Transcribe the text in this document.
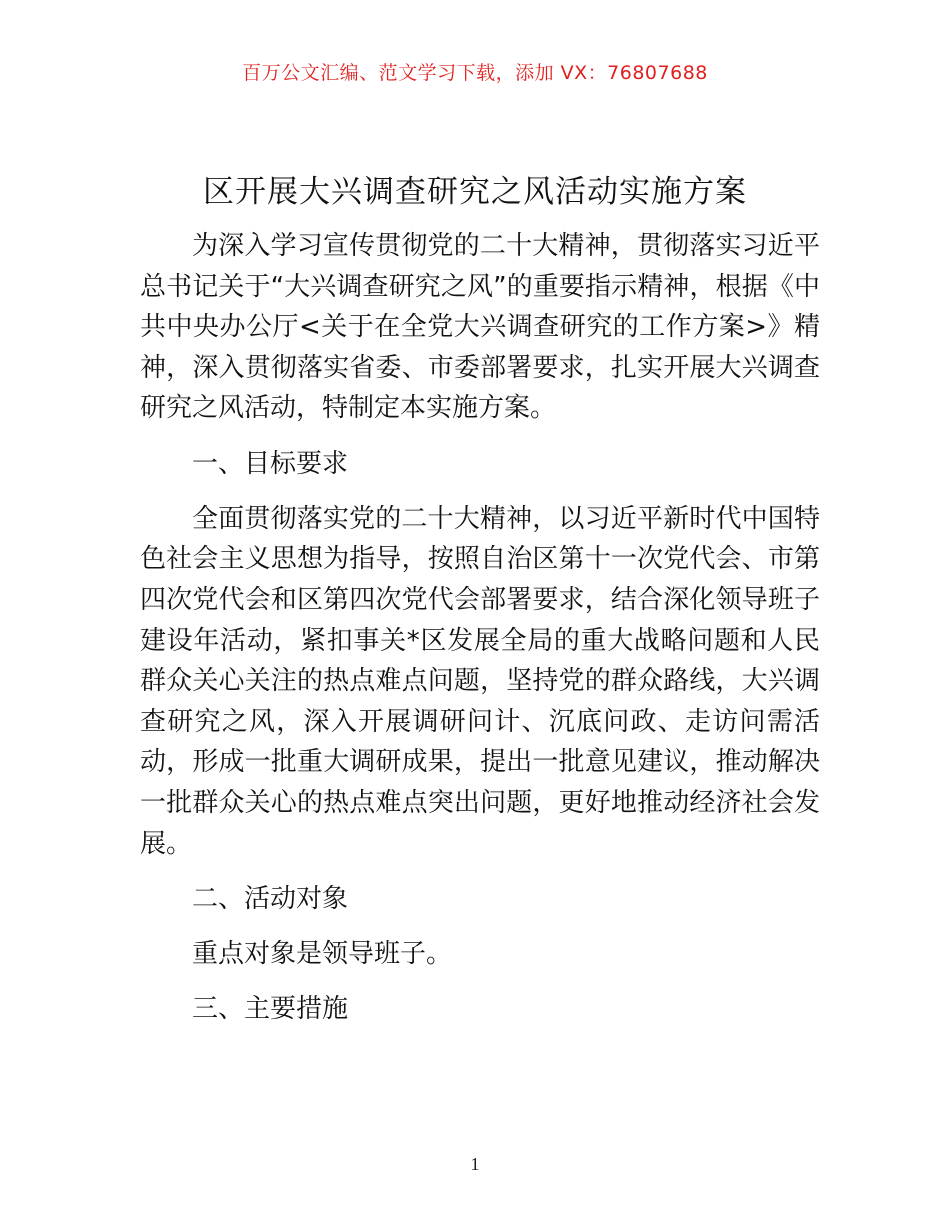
百万公文汇编、范文学习下载，添加 VX：76807688
区开展大兴调查研究之风活动实施方案

为深入学习宣传贯彻党的二十大精神，贯彻落实习近平总书记关于“大兴调查研究之风”的重要指示精神，根据《中共中央办公厅<关于在全党大兴调查研究的工作方案>》精神，深入贯彻落实省委、市委部署要求，扎实开展大兴调查研究之风活动，特制定本实施方案。

一、目标要求

全面贯彻落实党的二十大精神，以习近平新时代中国特色社会主义思想为指导，按照自治区第十一次党代会、市第四次党代会和区第四次党代会部署要求，结合深化领导班子建设年活动，紧扣事关*区发展全局的重大战略问题和人民群众关心关注的热点难点问题，坚持党的群众路线，大兴调查研究之风，深入开展调研问计、沉底问政、走访问需活动，形成一批重大调研成果，提出一批意见建议，推动解决一批群众关心的热点难点突出问题，更好地推动经济社会发展。

二、活动对象

重点对象是领导班子。

三、主要措施

1
